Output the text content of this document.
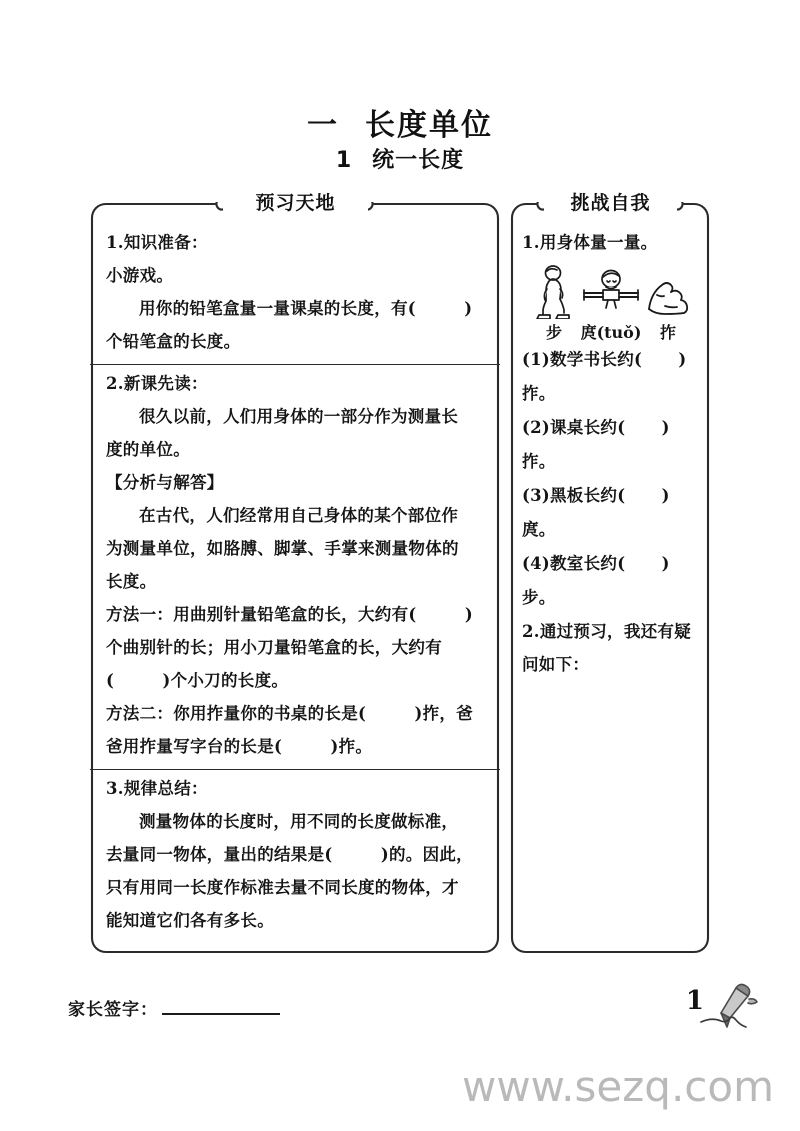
一 长度单位
1 统一长度
预习天地
1.知识准备：
小游戏。
用你的铅笔盒量一量课桌的长度，有(        )
个铅笔盒的长度。
2.新课先读：
很久以前，人们用身体的一部分作为测量长
度的单位。
【分析与解答】
在古代，人们经常用自己身体的某个部位作
为测量单位，如胳膊、脚掌、手掌来测量物体的
长度。
方法一：用曲别针量铅笔盒的长，大约有(        )
个曲别针的长；用小刀量铅笔盒的长，大约有
(        )个小刀的长度。
方法二：你用拃量你的书桌的长是(        )拃，爸
爸用拃量写字台的长是(        )拃。
3.规律总结：
测量物体的长度时，用不同的长度做标准，
去量同一物体，量出的结果是(        )的。因此，
只有用同一长度作标准去量不同长度的物体，才
能知道它们各有多长。
挑战自我
1.用身体量一量。
步 庹(tuǒ) 拃
(1)数学书长约(      )拃。
(2)课桌长约(      )拃。
(3)黑板长约(      )庹。
(4)教室长约(      )步。
2.通过预习，我还有疑
问如下：
家长签字：	1
www.sezq.com
